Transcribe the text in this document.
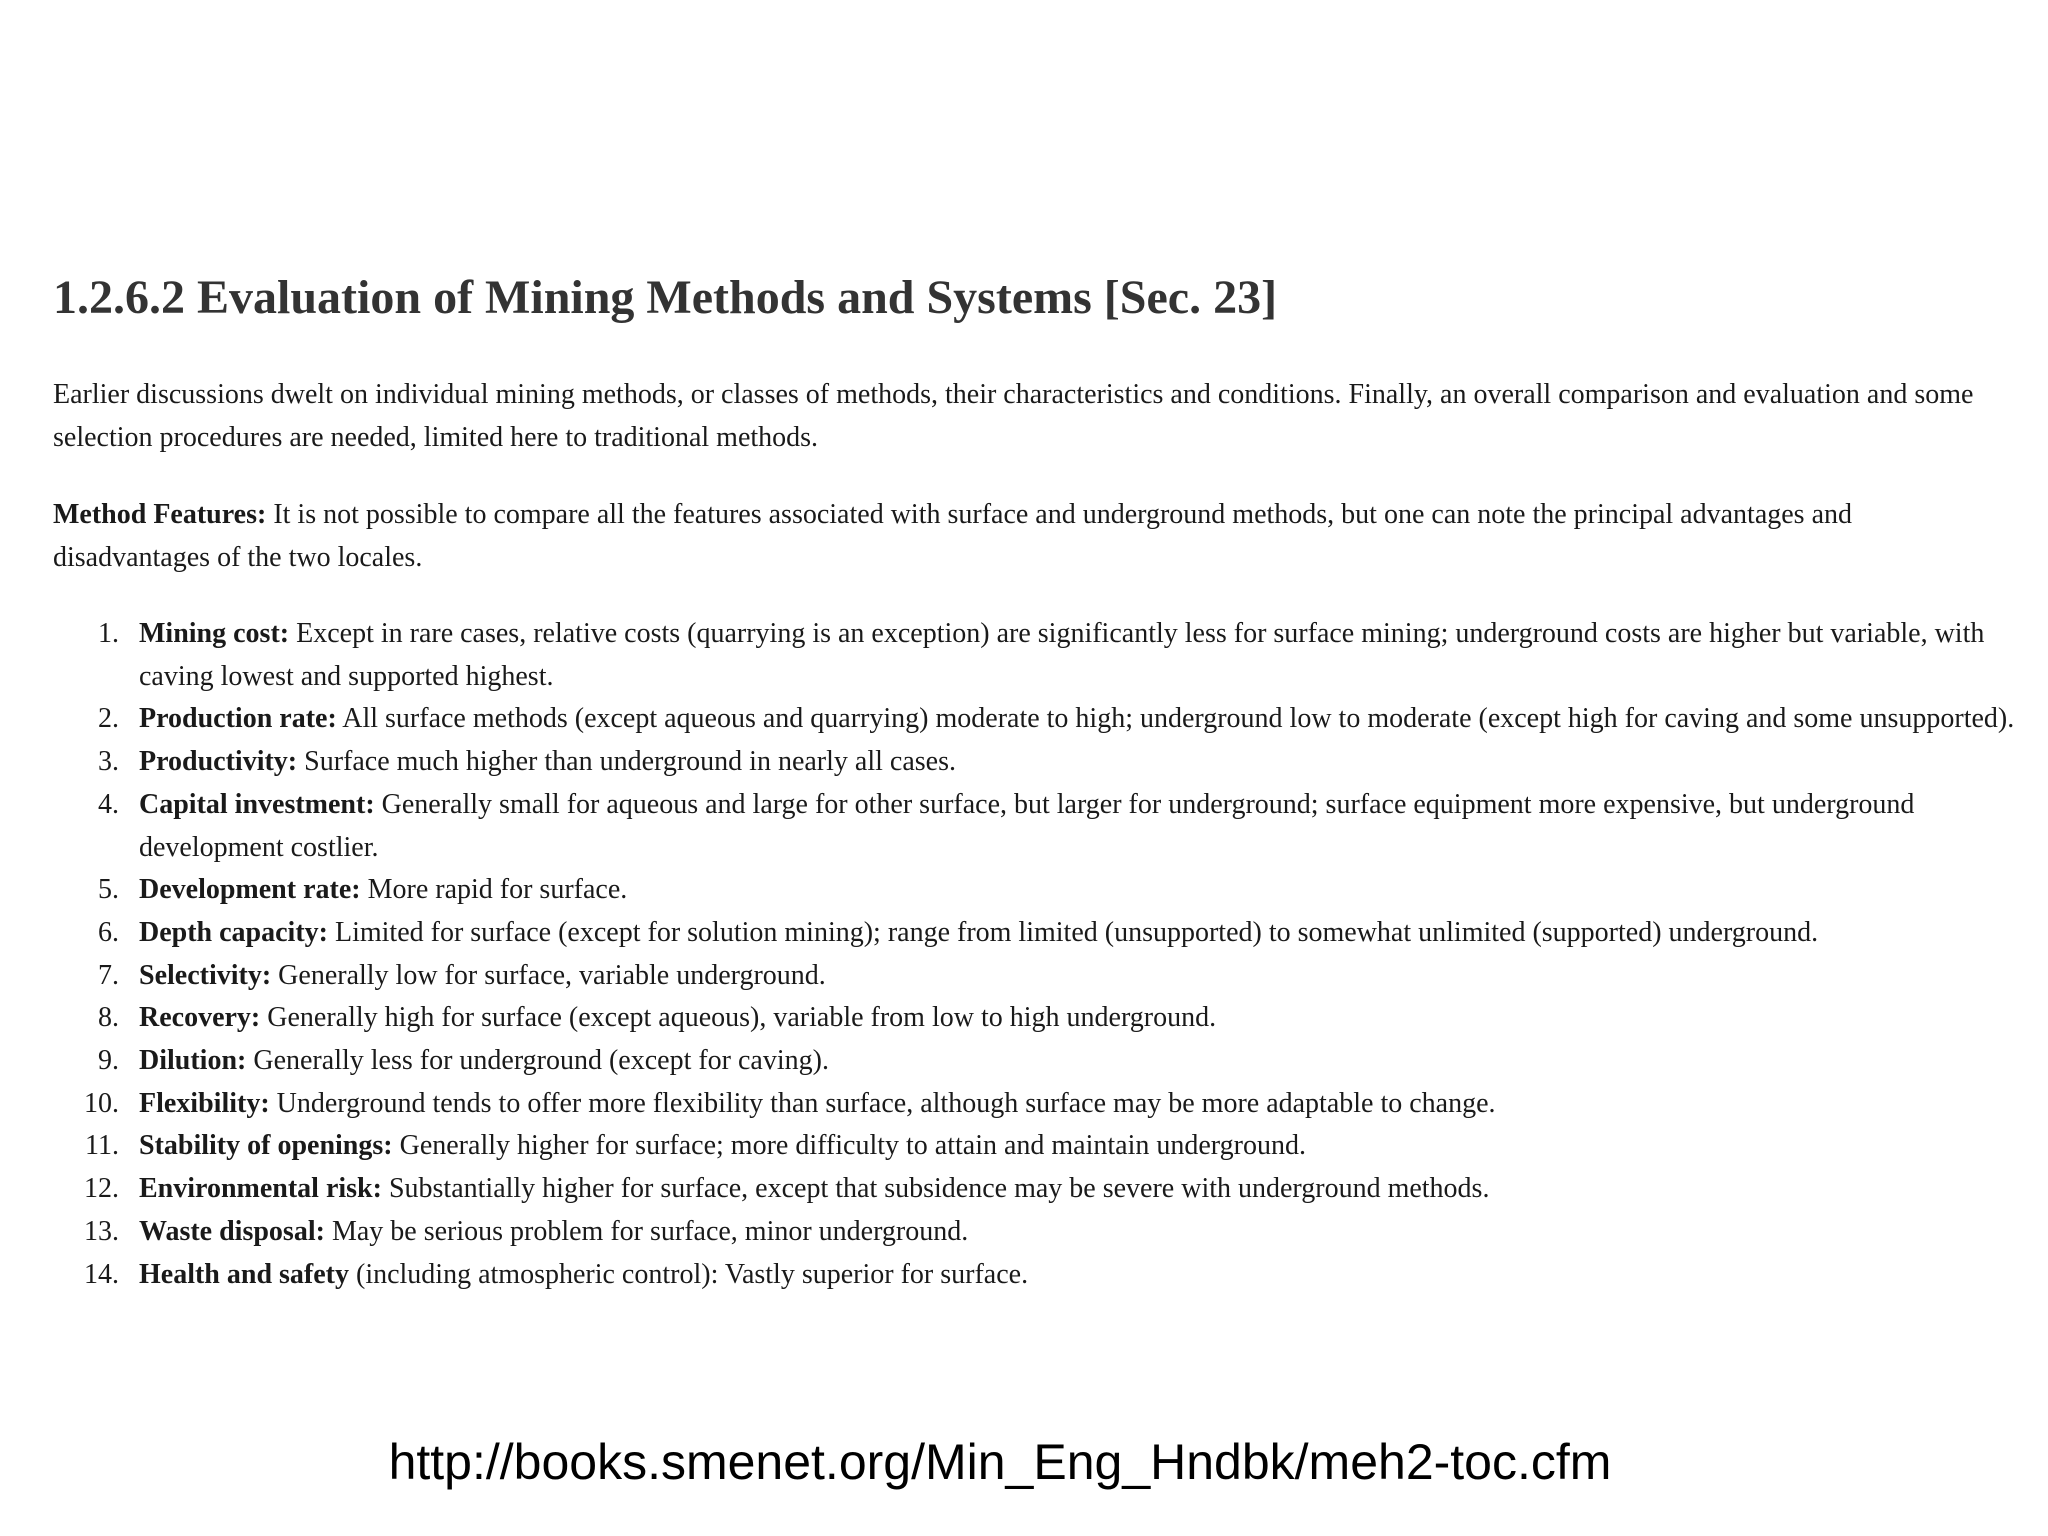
1.2.6.2 Evaluation of Mining Methods and Systems [Sec. 23]

Earlier discussions dwelt on individual mining methods, or classes of methods, their characteristics and conditions. Finally, an overall comparison and evaluation and some selection procedures are needed, limited here to traditional methods.

Method Features: It is not possible to compare all the features associated with surface and underground methods, but one can note the principal advantages and disadvantages of the two locales.

1. Mining cost: Except in rare cases, relative costs (quarrying is an exception) are significantly less for surface mining; underground costs are higher but variable, with caving lowest and supported highest.
2. Production rate: All surface methods (except aqueous and quarrying) moderate to high; underground low to moderate (except high for caving and some unsupported).
3. Productivity: Surface much higher than underground in nearly all cases.
4. Capital investment: Generally small for aqueous and large for other surface, but larger for underground; surface equipment more expensive, but underground development costlier.
5. Development rate: More rapid for surface.
6. Depth capacity: Limited for surface (except for solution mining); range from limited (unsupported) to somewhat unlimited (supported) underground.
7. Selectivity: Generally low for surface, variable underground.
8. Recovery: Generally high for surface (except aqueous), variable from low to high underground.
9. Dilution: Generally less for underground (except for caving).
10. Flexibility: Underground tends to offer more flexibility than surface, although surface may be more adaptable to change.
11. Stability of openings: Generally higher for surface; more difficulty to attain and maintain underground.
12. Environmental risk: Substantially higher for surface, except that subsidence may be severe with underground methods.
13. Waste disposal: May be serious problem for surface, minor underground.
14. Health and safety (including atmospheric control): Vastly superior for surface.
http://books.smenet.org/Min_Eng_Hndbk/meh2-toc.cfm
